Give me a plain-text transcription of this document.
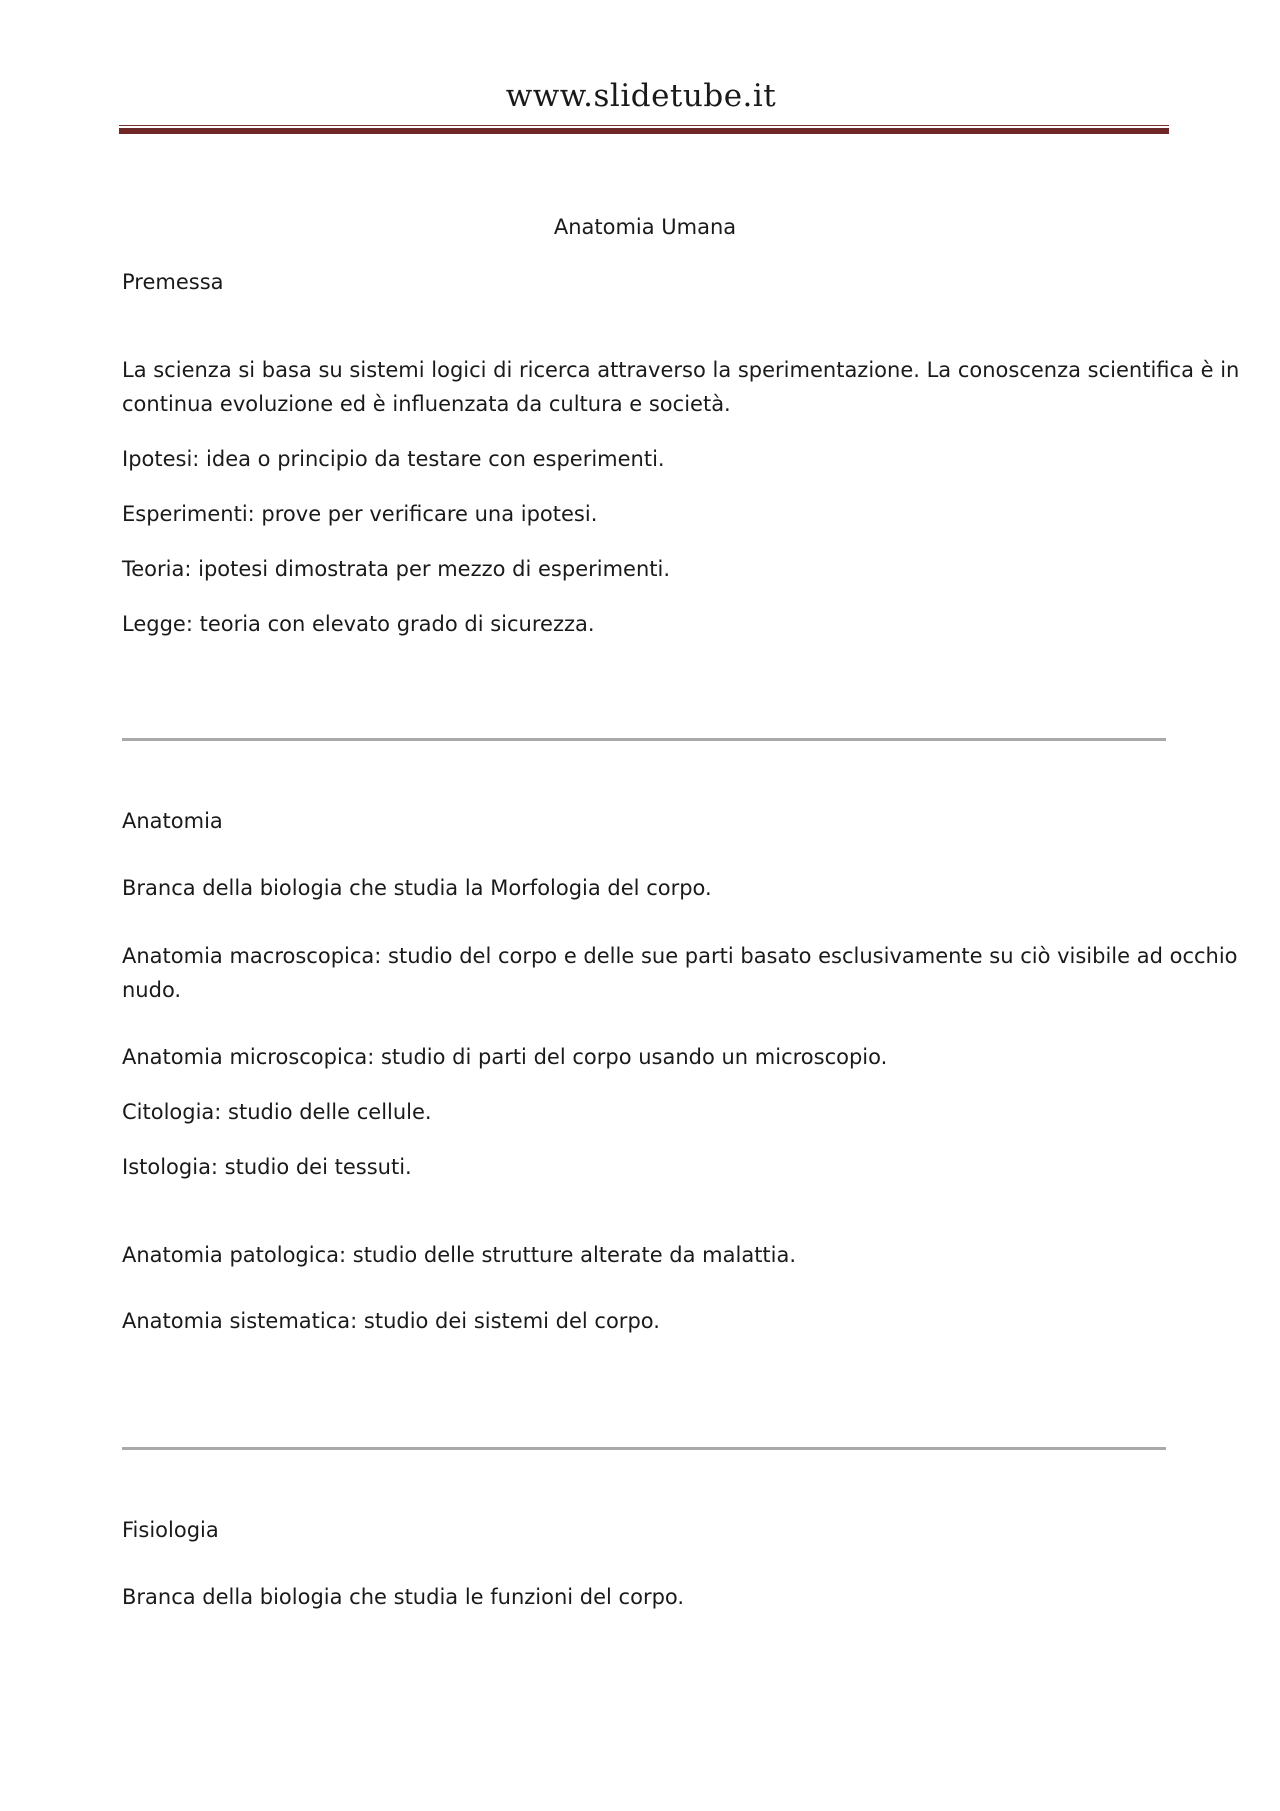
www.slidetube.it
Anatomia Umana
Premessa
La scienza si basa su sistemi logici di ricerca attraverso la sperimentazione. La conoscenza scientifica è in
continua evoluzione ed è influenzata da cultura e società.
Ipotesi: idea o principio da testare con esperimenti.
Esperimenti: prove per verificare una ipotesi.
Teoria: ipotesi dimostrata per mezzo di esperimenti.
Legge: teoria con elevato grado di sicurezza.
Anatomia
Branca della biologia che studia la Morfologia del corpo.
Anatomia macroscopica: studio del corpo e delle sue parti basato esclusivamente su ciò visibile ad occhio
nudo.
Anatomia microscopica: studio di parti del corpo usando un microscopio.
Citologia: studio delle cellule.
Istologia: studio dei tessuti.
Anatomia patologica: studio delle strutture alterate da malattia.
Anatomia sistematica: studio dei sistemi del corpo.
Fisiologia
Branca della biologia che studia le funzioni del corpo.
